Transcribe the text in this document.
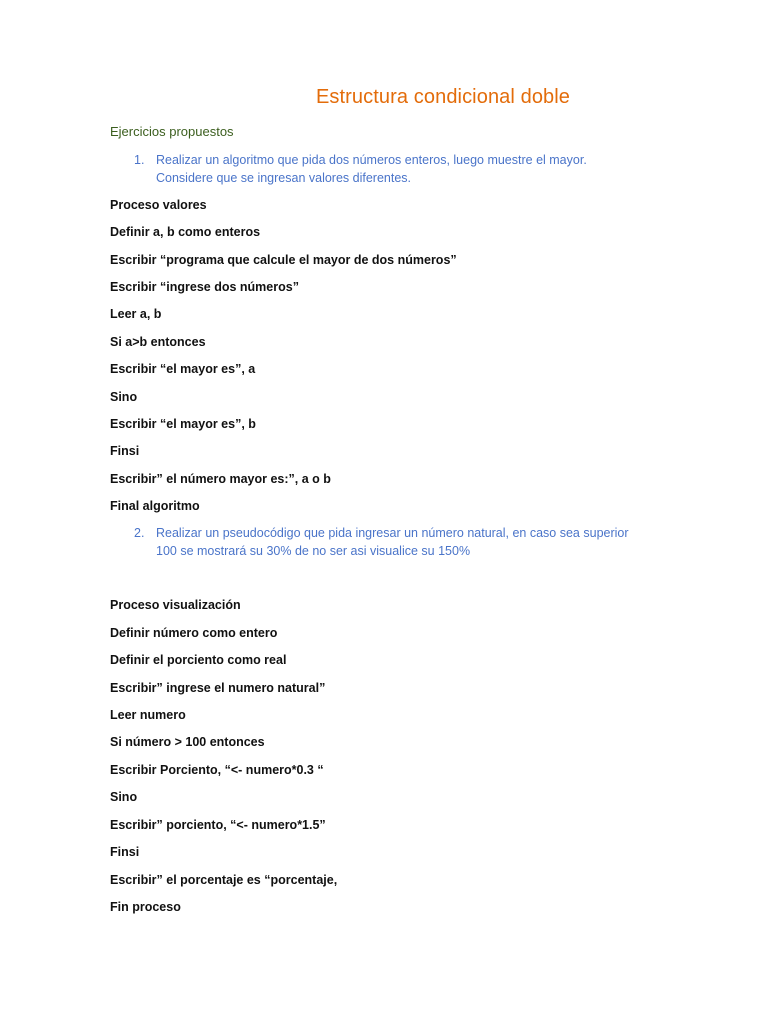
Estructura condicional doble
Ejercicios propuestos
1. Realizar un algoritmo que pida dos números enteros, luego muestre el mayor.
Considere que se ingresan valores diferentes.
Proceso valores
Definir a, b como enteros
Escribir “programa que calcule el mayor de dos números”
Escribir “ingrese dos números”
Leer a, b
Si a>b entonces
Escribir “el mayor es”, a
Sino
Escribir “el mayor es”, b
Finsi
Escribir” el número mayor es:”, a o b
Final algoritmo
2. Realizar un pseudocódigo que pida ingresar un número natural, en caso sea superior
100 se mostrará su 30% de no ser asi visualice su 150%
Proceso visualización
Definir número como entero
Definir el porciento como real
Escribir” ingrese el numero natural”
Leer numero
Si número > 100 entonces
Escribir Porciento, “<- numero*0.3 “
Sino
Escribir” porciento, “<- numero*1.5”
Finsi
Escribir” el porcentaje es “porcentaje,
Fin proceso
